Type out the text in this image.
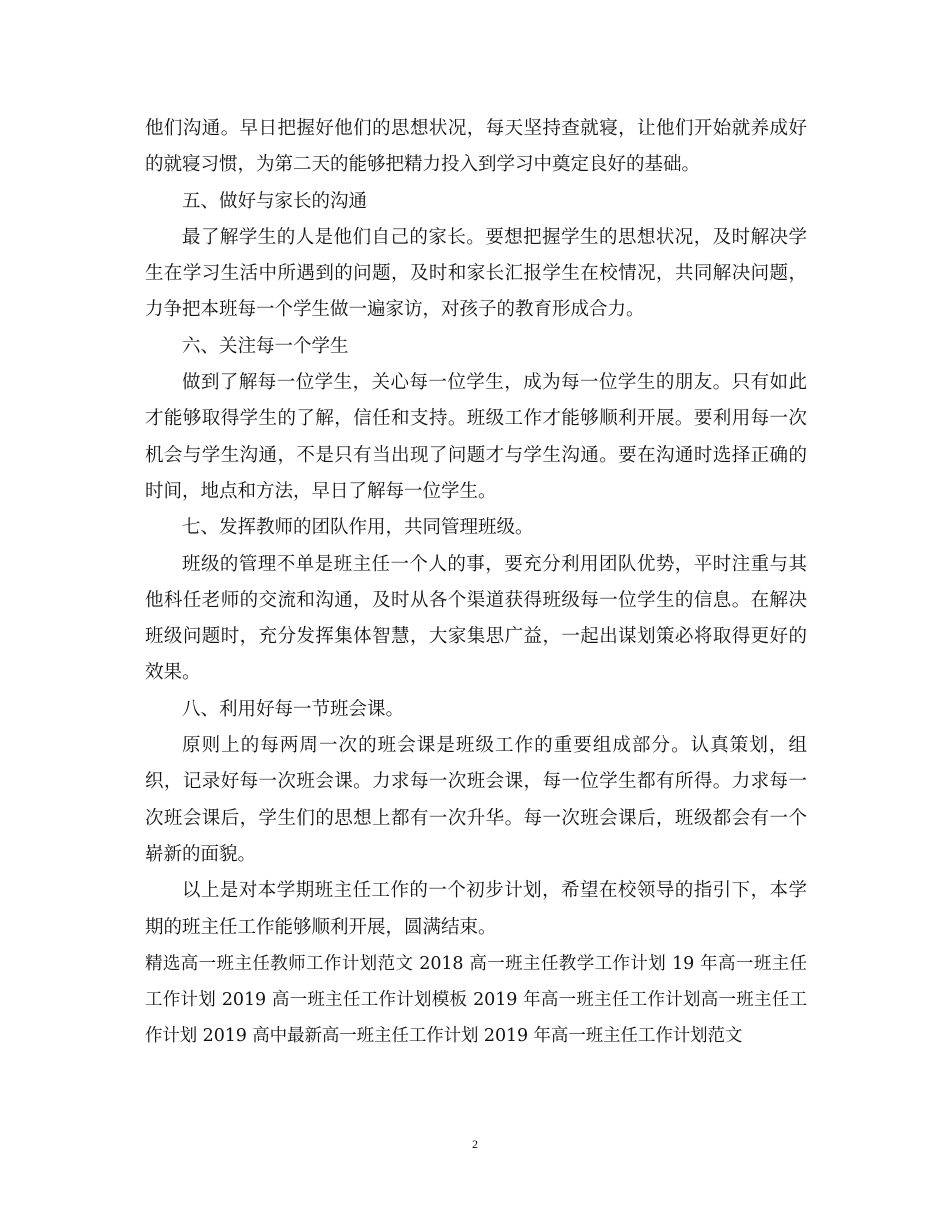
他们沟通。早日把握好他们的思想状况，每天坚持查就寝，让他们开始就养成好的就寝习惯，为第二天的能够把精力投入到学习中奠定良好的基础。

五、做好与家长的沟通

最了解学生的人是他们自己的家长。要想把握学生的思想状况，及时解决学生在学习生活中所遇到的问题，及时和家长汇报学生在校情况，共同解决问题，力争把本班每一个学生做一遍家访，对孩子的教育形成合力。

六、关注每一个学生

做到了解每一位学生，关心每一位学生，成为每一位学生的朋友。只有如此才能够取得学生的了解，信任和支持。班级工作才能够顺利开展。要利用每一次机会与学生沟通，不是只有当出现了问题才与学生沟通。要在沟通时选择正确的时间，地点和方法，早日了解每一位学生。

七、发挥教师的团队作用，共同管理班级。

班级的管理不单是班主任一个人的事，要充分利用团队优势，平时注重与其他科任老师的交流和沟通，及时从各个渠道获得班级每一位学生的信息。在解决班级问题时，充分发挥集体智慧，大家集思广益，一起出谋划策必将取得更好的效果。

八、利用好每一节班会课。

原则上的每两周一次的班会课是班级工作的重要组成部分。认真策划，组织，记录好每一次班会课。力求每一次班会课，每一位学生都有所得。力求每一次班会课后，学生们的思想上都有一次升华。每一次班会课后，班级都会有一个崭新的面貌。

以上是对本学期班主任工作的一个初步计划，希望在校领导的指引下，本学期的班主任工作能够顺利开展，圆满结束。

精选高一班主任教师工作计划范文 2018 高一班主任教学工作计划 19 年高一班主任工作计划 2019 高一班主任工作计划模板 2019 年高一班主任工作计划高一班主任工作计划 2019 高中最新高一班主任工作计划 2019 年高一班主任工作计划范文

2
